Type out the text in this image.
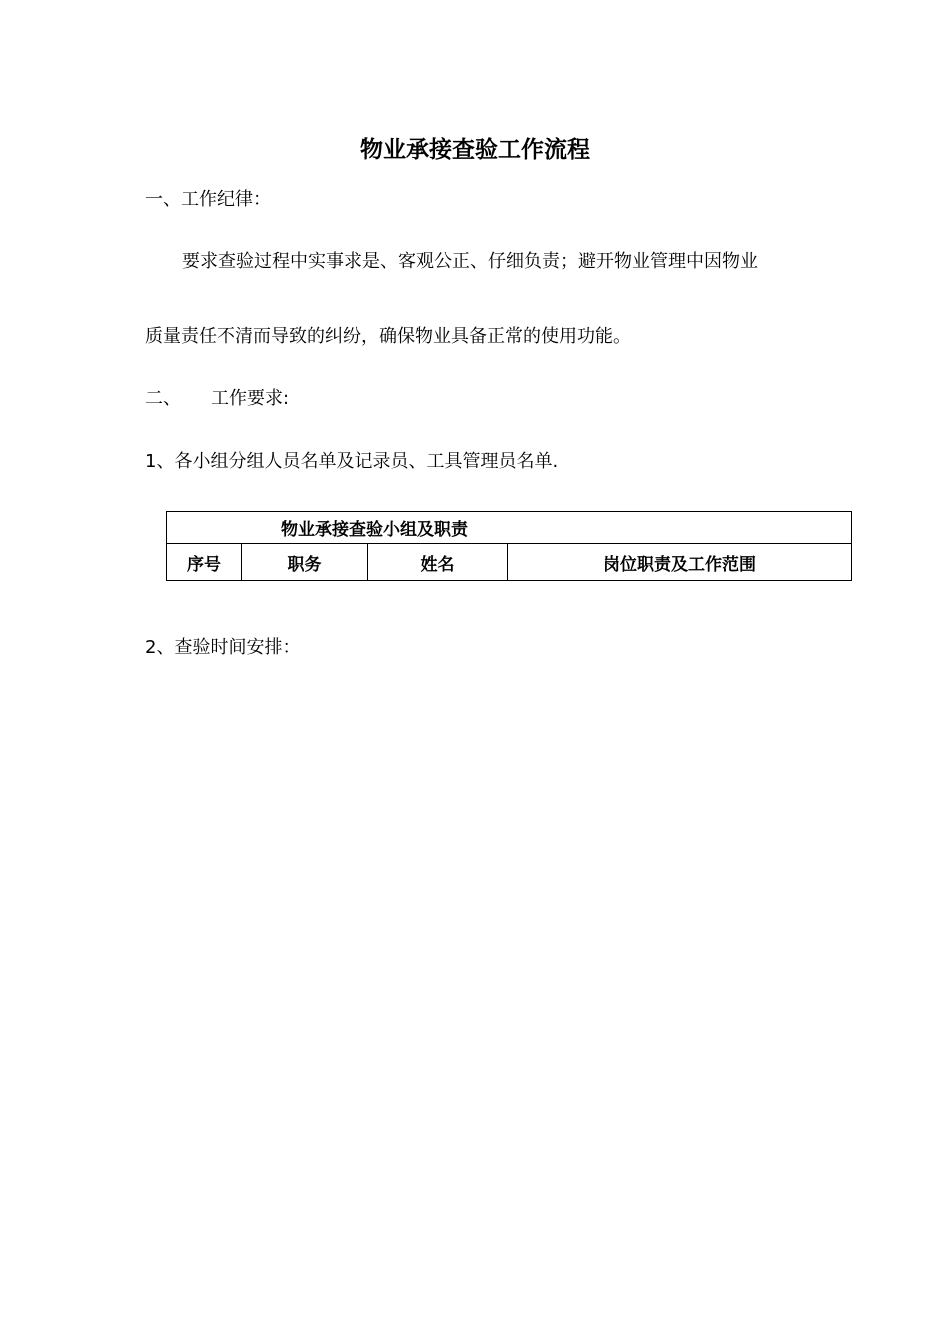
物业承接查验工作流程
一、工作纪律：
要求查验过程中实事求是、客观公正、仔细负责；避开物业管理中因物业
质量责任不清而导致的纠纷，确保物业具备正常的使用功能。
二、 工作要求:
1、各小组分组人员名单及记录员、工具管理员名单.
物业承接查验小组及职责
序号	职务	姓名	岗位职责及工作范围
2、查验时间安排：
